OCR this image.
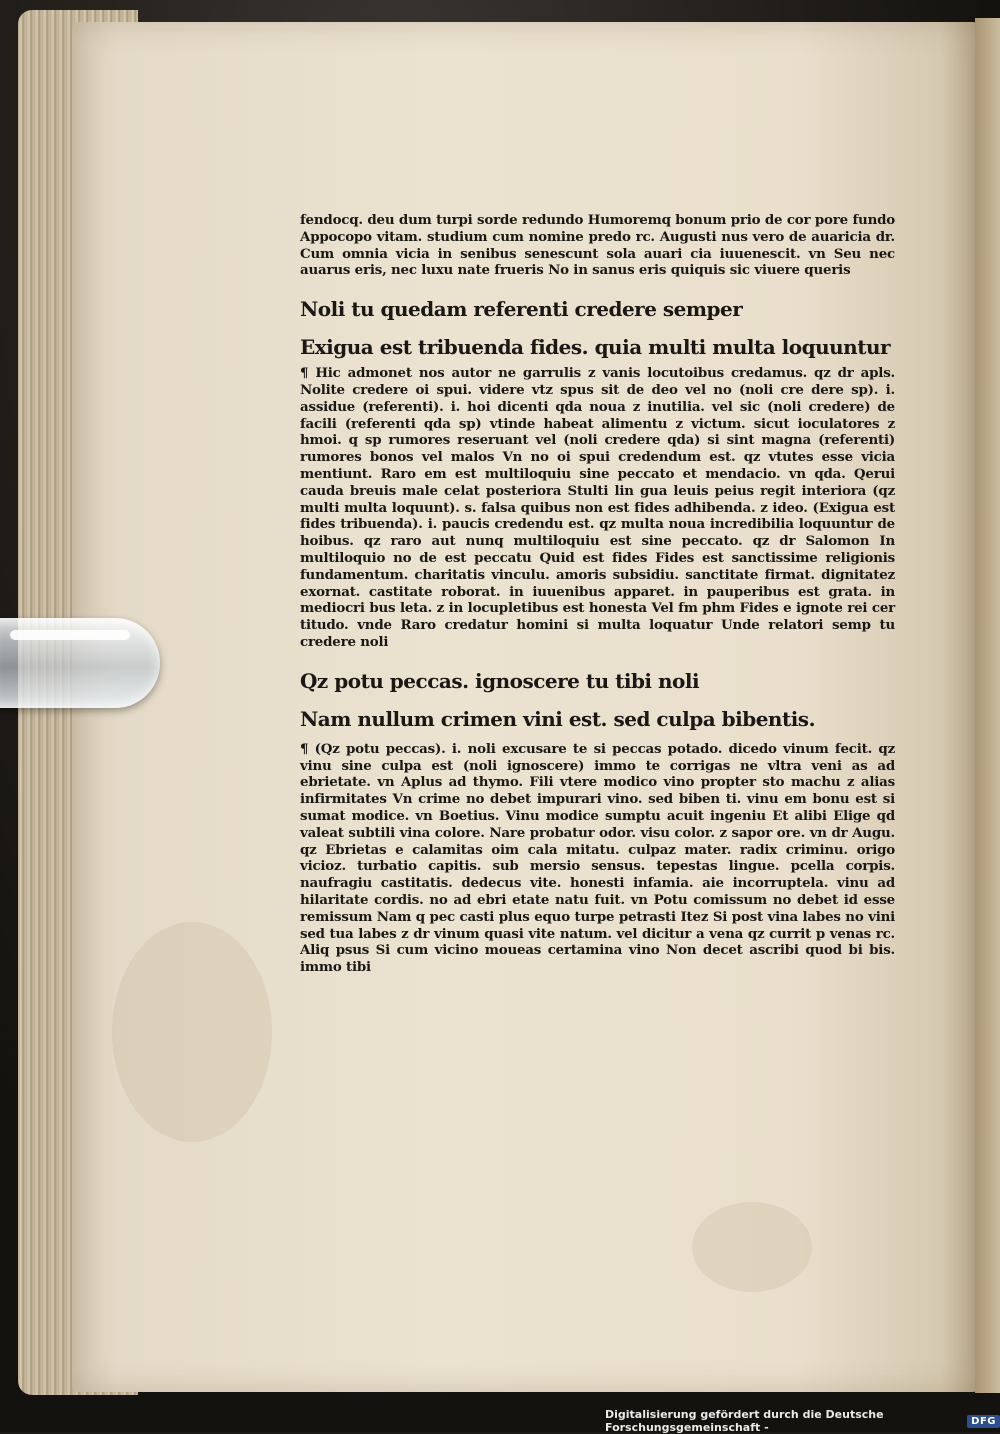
fendocq. deu dum turpi sorde redundo Humoremq bonum prio de cor pore fundo Appocopo vitam. studium cum nomine predo rc. Augusti nus vero de auaricia dr. Cum omnia vicia in senibus senescunt sola auari cia iuuenescit. vn Seu nec auarus eris, nec luxu nate frueris No in sanus eris quiquis sic viuere queris

Noli tu quedam referenti credere semper

Exigua est tribuenda fides. quia multi multa loquuntur

¶ Hic admonet nos autor ne garrulis z vanis locutoibus credamus. qz dr apls. Nolite credere oi spui. videre vtz spus sit de deo vel no (noli cre dere sp). i. assidue (referenti). i. hoi dicenti qda noua z inutilia. vel sic (noli credere) de facili (referenti qda sp) vtinde habeat alimentu z victum. sicut ioculatores z hmoi. q sp rumores reseruant vel (noli credere qda) si sint magna (referenti) rumores bonos vel malos Vn no oi spui credendum est. qz vtutes esse vicia mentiunt. Raro em est multiloquiu sine peccato et mendacio. vn qda. Qerui cauda breuis male celat posteriora Stulti lin gua leuis peius regit interiora (qz multi multa loquunt). s. falsa quibus non est fides adhibenda. z ideo. (Exigua est fides tribuenda). i. paucis credendu est. qz multa noua incredibilia loquuntur de hoibus. qz raro aut nunq multiloquiu est sine peccato. qz dr Salomon In multiloquio no de est peccatu Quid est fides Fides est sanctissime religionis fundamentum. charitatis vinculu. amoris subsidiu. sanctitate firmat. dignitatez exornat. castitate roborat. in iuuenibus apparet. in pauperibus est grata. in mediocri bus leta. z in locupletibus est honesta Vel fm phm Fides e ignote rei cer titudo. vnde Raro credatur homini si multa loquatur Unde relatori semp tu credere noli

Qz potu peccas. ignoscere tu tibi noli

Nam nullum crimen vini est. sed culpa bibentis.

¶ (Qz potu peccas). i. noli excusare te si peccas potado. dicedo vinum fecit. qz vinu sine culpa est (noli ignoscere) immo te corrigas ne vltra veni as ad ebrietate. vn Aplus ad thymo. Fili vtere modico vino propter sto machu z alias infirmitates Vn crime no debet impurari vino. sed biben ti. vinu em bonu est si sumat modice. vn Boetius. Vinu modice sumptu acuit ingeniu Et alibi Elige qd valeat subtili vina colore. Nare probatur odor. visu color. z sapor ore. vn dr Augu. qz Ebrietas e calamitas oim cala mitatu. culpaz mater. radix criminu. origo vicioz. turbatio capitis. sub mersio sensus. tepestas lingue. pcella corpis. naufragiu castitatis. dedecus vite. honesti infamia. aie incorruptela. vinu ad hilaritate cordis. no ad ebri etate natu fuit. vn Potu comissum no debet id esse remissum Nam q pec casti plus equo turpe petrasti Itez Si post vina labes no vini sed tua labes z dr vinum quasi vite natum. vel dicitur a vena qz currit p venas rc. Aliq psus Si cum vicino moueas certamina vino Non decet ascribi quod bi bis. immo tibi

Digitalisierung gefördert durch die Deutsche Forschungsgemeinschaft -	DFG
